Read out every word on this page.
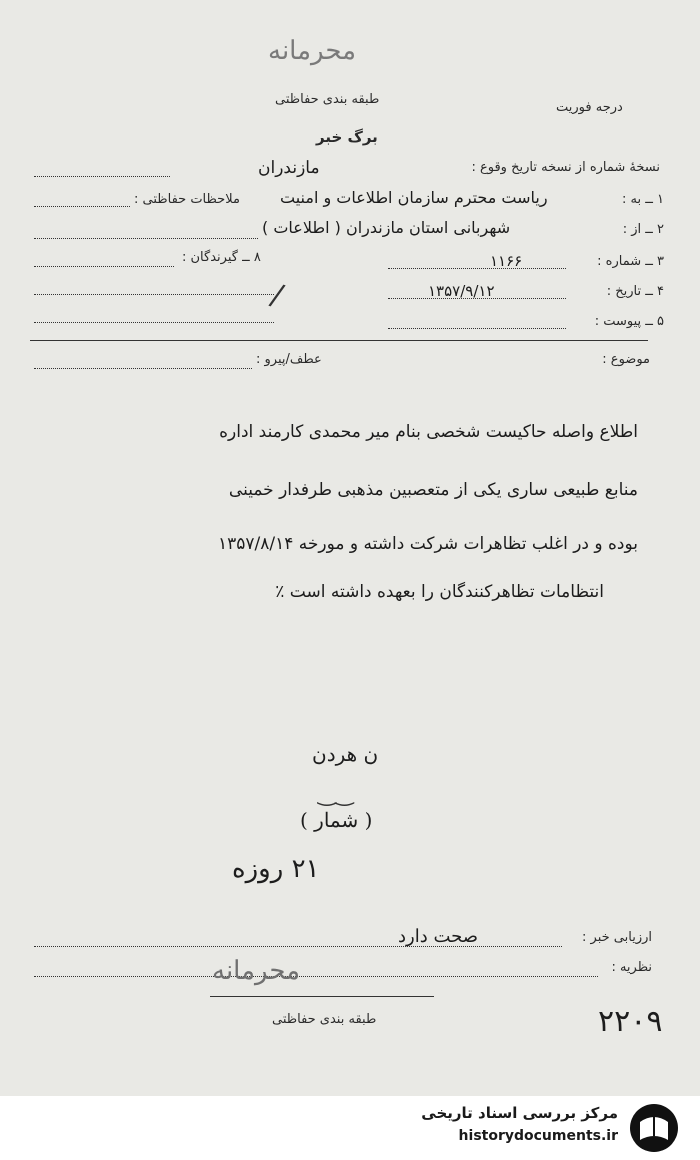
محرمانه
طبقه بندی حفاظتی
درجه فوریت
برگ خبر
نسخهٔ شماره از نسخه تاریخ وقوع :
مازندران
۱ ــ به :
ریاست محترم سازمان اطلاعات و امنیت
ملاحظات حفاظتی :
۲ ــ از :
شهربانی استان مازندران ( اطلاعات )
۸ ــ گیرندگان :
/
۳ ــ شماره :
۱۱۶۶
۴ ــ تاریخ :
۱۳۵۷/۹/۱۲
۵ ــ پیوست :
موضوع :
عطف/پیرو :
اطلاع واصله حاکیست شخصی بنام میر محمدی کارمند اداره
منابع طبیعی ساری یکی از متعصبین مذهبی طرفدار خمینی
بوده و در اغلب تظاهرات شرکت داشته و مورخه ۱۳۵۷/۸/۱۴
انتظامات تظاهرکنندگان را بعهده داشته است ٪
ن هردن
‿‿
( شمار )
۲۱ روزه
ارزیابی خبر :
صحت دارد
نظریه :
محرمانه
طبقه بندی حفاظتی	۲۲۰۹
مرکز بررسی اسناد تاریخی
historydocuments.ir
